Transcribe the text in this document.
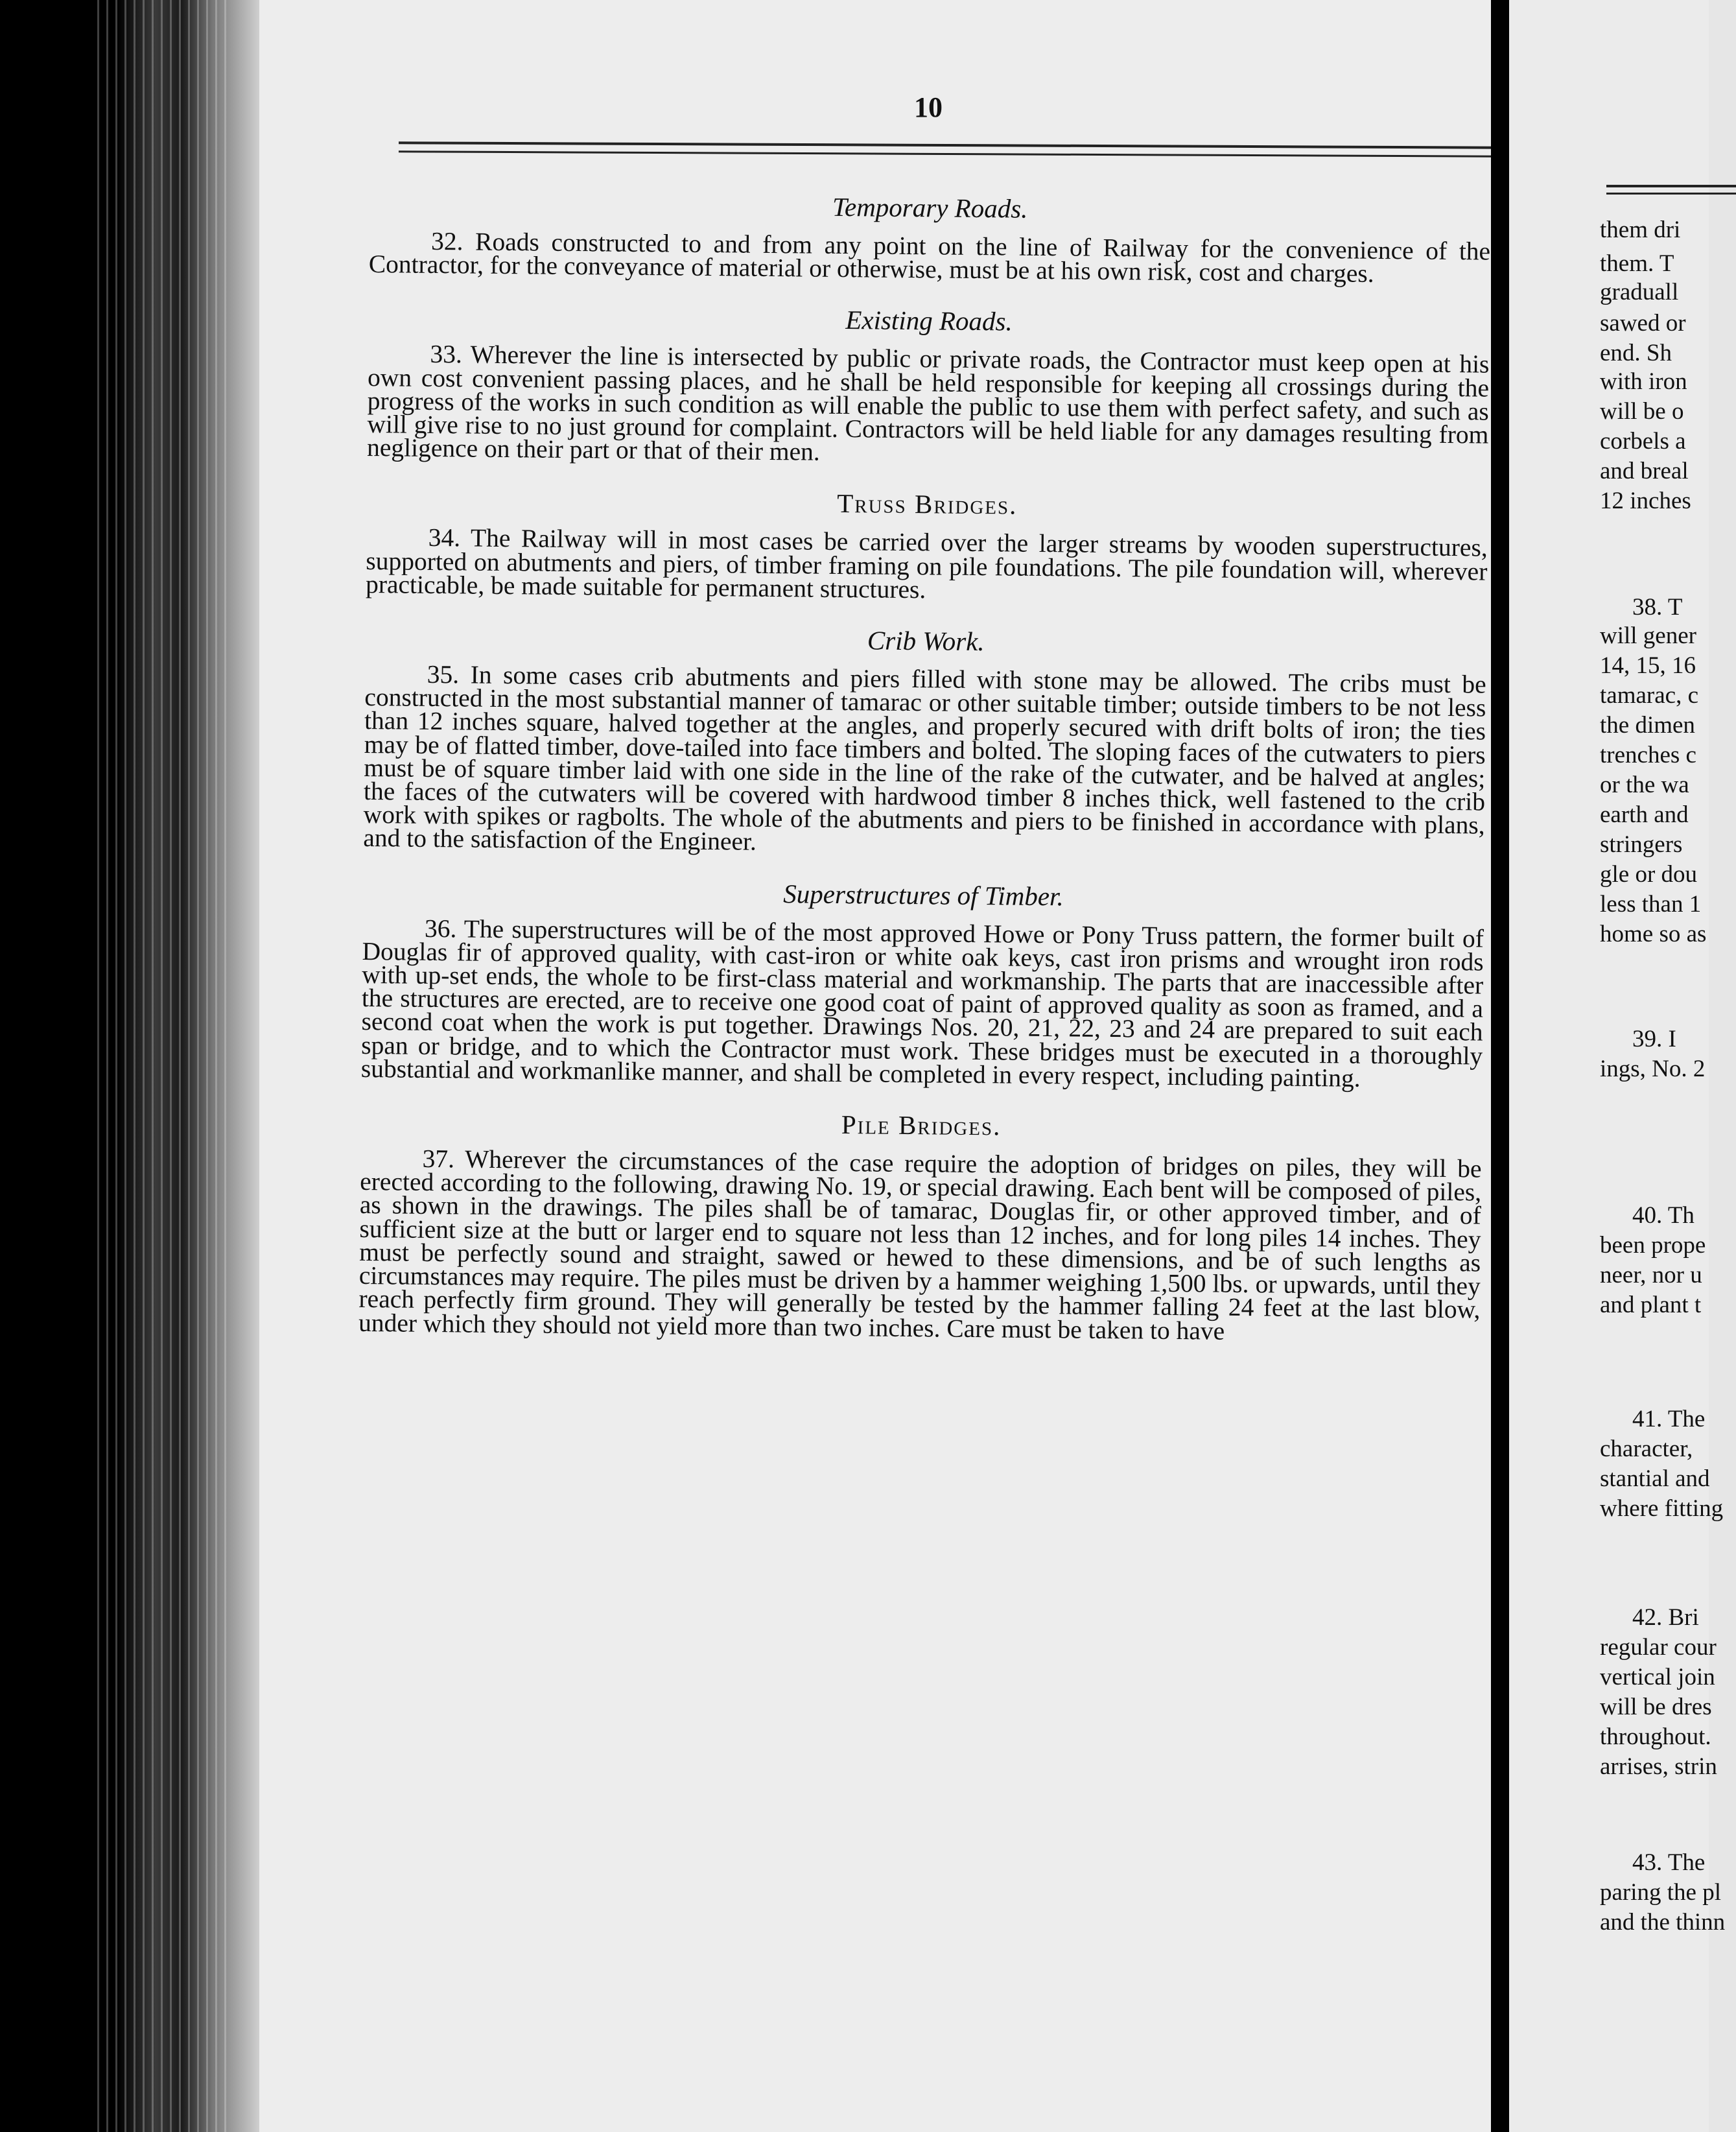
10
Temporary Roads.

32. Roads constructed to and from any point on the line of Railway for the convenience of the Contractor, for the conveyance of material or otherwise, must be at his own risk, cost and charges.

Existing Roads.

33. Wherever the line is intersected by public or private roads, the Contractor must keep open at his own cost convenient passing places, and he shall be held responsible for keeping all crossings during the progress of the works in such condition as will enable the public to use them with perfect safety, and such as will give rise to no just ground for complaint. Contractors will be held liable for any damages resulting from negligence on their part or that of their men.

Truss Bridges.

34. The Railway will in most cases be carried over the larger streams by wooden superstructures, supported on abutments and piers, of timber framing on pile foundations. The pile foundation will, wherever practicable, be made suitable for permanent structures.

Crib Work.

35. In some cases crib abutments and piers filled with stone may be allowed. The cribs must be constructed in the most substantial manner of tamarac or other suitable timber; outside timbers to be not less than 12 inches square, halved together at the angles, and properly secured with drift bolts of iron; the ties may be of flatted timber, dove-tailed into face timbers and bolted. The sloping faces of the cutwaters to piers must be of square timber laid with one side in the line of the rake of the cutwater, and be halved at angles; the faces of the cutwaters will be covered with hardwood timber 8 inches thick, well fastened to the crib work with spikes or ragbolts. The whole of the abutments and piers to be finished in accordance with plans, and to the satisfaction of the Engineer.

Superstructures of Timber.

36. The superstructures will be of the most approved Howe or Pony Truss pattern, the former built of Douglas fir of approved quality, with cast-iron or white oak keys, cast iron prisms and wrought iron rods with up-set ends, the whole to be first-class material and workmanship. The parts that are inaccessible after the structures are erected, are to receive one good coat of paint of approved quality as soon as framed, and a second coat when the work is put together. Drawings Nos. 20, 21, 22, 23 and 24 are prepared to suit each span or bridge, and to which the Contractor must work. These bridges must be executed in a thoroughly substantial and workmanlike manner, and shall be completed in every respect, including painting.

Pile Bridges.

37. Wherever the circumstances of the case require the adoption of bridges on piles, they will be erected according to the following, drawing No. 19, or special drawing. Each bent will be composed of piles, as shown in the drawings. The piles shall be of tamarac, Douglas fir, or other approved timber, and of sufficient size at the butt or larger end to square not less than 12 inches, and for long piles 14 inches. They must be perfectly sound and straight, sawed or hewed to these dimensions, and be of such lengths as circumstances may require. The piles must be driven by a hammer weighing 1,500 lbs. or upwards, until they reach perfectly firm ground. They will generally be tested by the hammer falling 24 feet at the last blow, under which they should not yield more than two inches. Care must be taken to have

them dri
them. T
graduall
sawed or
end. Sh
with iron
will be o
corbels a
and breal
12 inches
38. T
will gener
14, 15, 16
tamarac, c
the dimen
trenches c
or the wa
earth and
stringers
gle or dou
less than 1
home so as
39. I
ings, No. 2
40. Th
been prope
neer, nor u
and plant t
41. The
character,
stantial and
where fitting
42. Bri
regular cour
vertical join
will be dres
throughout.
arrises, strin
43. The
paring the pl
and the thinn
